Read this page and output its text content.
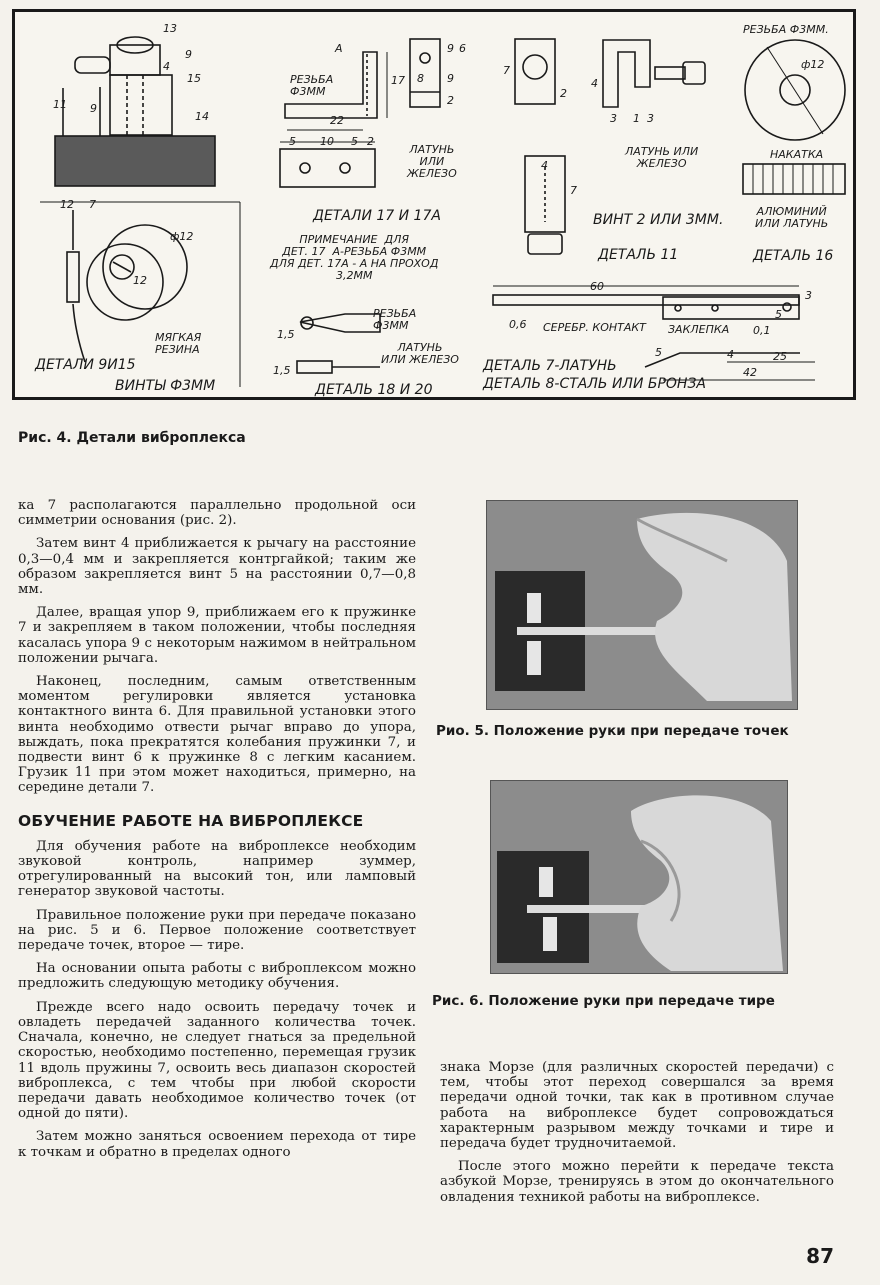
13
9
4
15
14
11 9
12 7
12
ф12
МЯГКАЯ
РЕЗИНА
ДЕТАЛИ 9И15
ВИНТЫ Ф3ММ
А
РЕЗЬБА
Ф3ММ
22
17
5 10 5 2
ЛАТУНЬ
ИЛИ
ЖЕЛЕЗО
ДЕТАЛИ 17 И 17А
ПРИМЕЧАНИЕ  ДЛЯ
ДЕТ. 17  А-РЕЗЬБА Ф3ММ
ДЛЯ ДЕТ. 17А - А НА ПРОХОД
3,2ММ
8
9 6
9
2
РЕЗЬБА
Ф3ММ
1,5
1,5
ЛАТУНЬ
ИЛИ ЖЕЛЕЗО
ДЕТАЛЬ 18 И 20
7
2
4
3 1 3
ЛАТУНЬ ИЛИ
ЖЕЛЕЗО
4
7
ВИНТ 2 ИЛИ 3ММ.
ДЕТАЛЬ 11
РЕЗЬБА Ф3ММ.
ф12
НАКАТКА
АЛЮМИНИЙ
ИЛИ ЛАТУНЬ
ДЕТАЛЬ 16
60
3
5
0,6	0,1
СЕРЕБР. КОНТАКТ ЗАКЛЕПКА
5	4	25
42
ДЕТАЛЬ 7-ЛАТУНЬ
ДЕТАЛЬ 8-СТАЛЬ ИЛИ БРОНЗА
Рис. 4. Детали виброплекса

ка 7 располагаются параллельно продольной оси симметрии основания (рис. 2).

Затем винт 4 приближается к рычагу на расстояние 0,3—0,4 мм и закрепляется контргайкой; таким же образом закрепляется винт 5 на расстоянии 0,7—0,8 мм.

Далее, вращая упор 9, приближаем его к пружинке 7 и закрепляем в таком положении, чтобы последняя касалась упора 9 с некоторым нажимом в нейтральном положении рычага.

Наконец, последним, самым ответственным моментом регулировки является установка контактного винта 6. Для правильной установки этого винта необходимо отвести рычаг вправо до упора, выждать, пока прекратятся колебания пружинки 7, и подвести винт 6 к пружинке 8 с легким касанием. Грузик 11 при этом может находиться, примерно, на середине детали 7.

ОБУЧЕНИЕ РАБОТЕ НА ВИБРОПЛЕКСЕ

Для обучения работе на виброплексе необходим звуковой контроль, например зуммер, отрегулированный на высокий тон, или ламповый генератор звуковой частоты.

Правильное положение руки при передаче показано на рис. 5 и 6. Первое положение соответствует передаче точек, второе — тире.

На основании опыта работы с виброплексом можно предложить следующую методику обучения.

Прежде всего надо освоить передачу точек и овладеть передачей заданного количества точек. Сначала, конечно, не следует гнаться за предельной скоростью, необходимо постепенно, перемещая грузик 11 вдоль пружины 7, освоить весь диапазон скоростей виброплекса, с тем чтобы при любой скорости передачи давать необходимое количество точек (от одной до пяти).

Затем можно заняться освоением перехода от тире к точкам и обратно в пределах одного

Рио. 5. Положение руки при передаче точек
Рис. 6. Положение руки при передаче тире

знака Морзе (для различных скоростей передачи) с тем, чтобы этот переход совершался за время передачи одной точки, так как в противном случае работа на виброплексе будет сопровождаться характерным разрывом между точками и тире и передача будет трудночитаемой.

После этого можно перейти к передаче текста азбукой Морзе, тренируясь в этом до окончательного овладения техникой работы на виброплексе.

87
